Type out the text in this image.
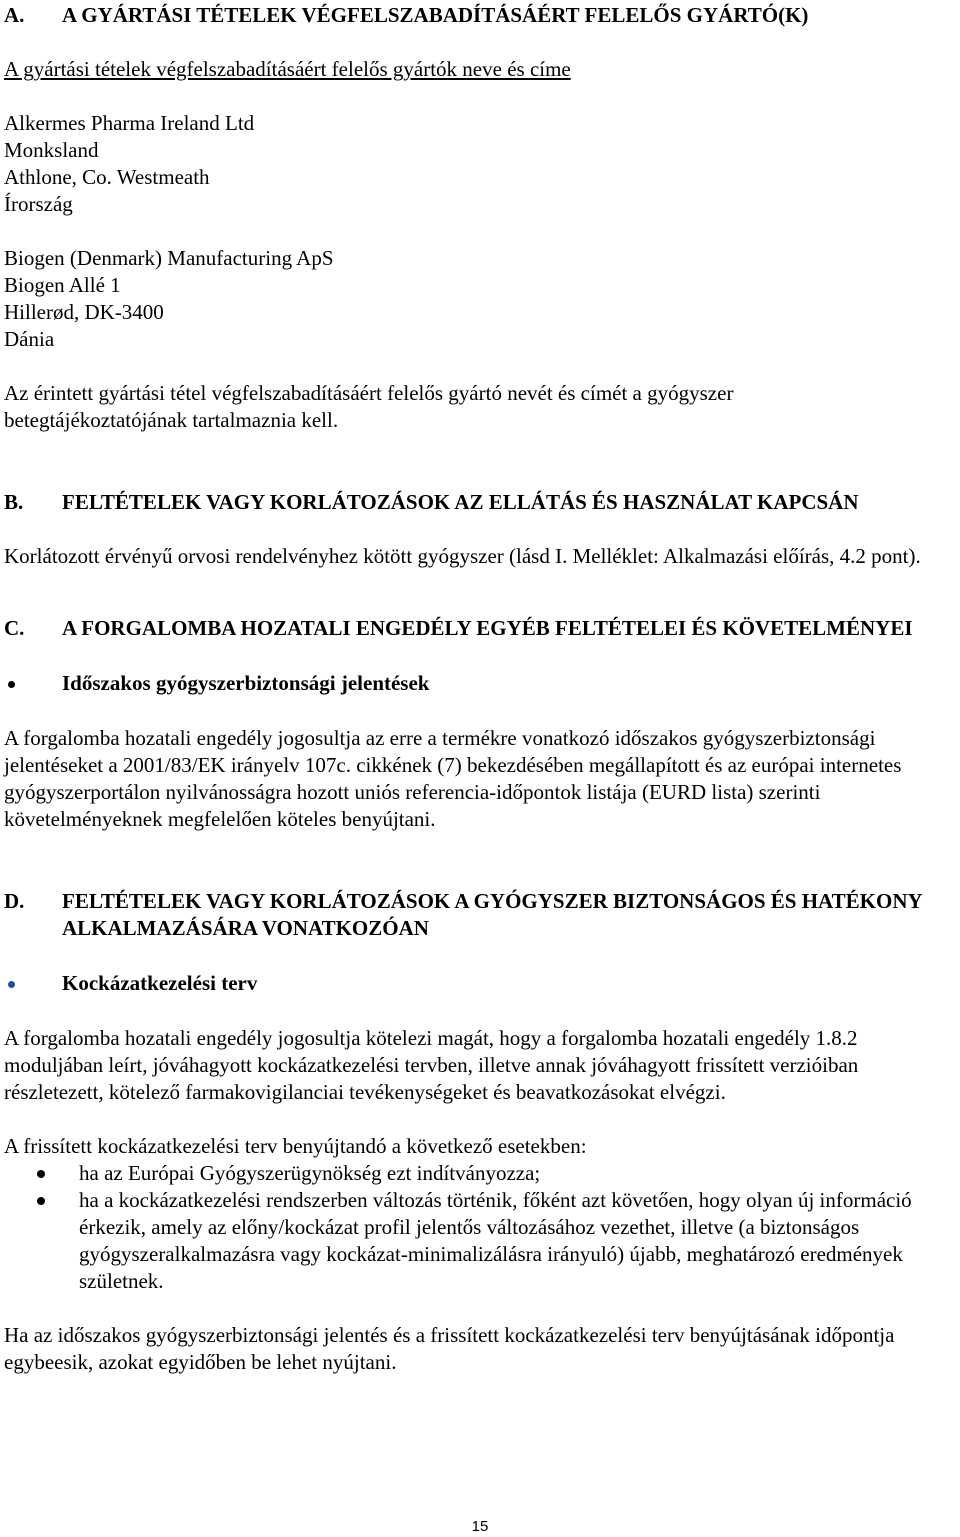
A.	A GYÁRTÁSI TÉTELEK VÉGFELSZABADÍTÁSÁÉRT FELELŐS GYÁRTÓ(K)

A gyártási tételek végfelszabadításáért felelős gyártók neve és címe

Alkermes Pharma Ireland Ltd

Monksland

Athlone, Co. Westmeath

Írország

Biogen (Denmark) Manufacturing ApS

Biogen Allé 1

Hillerød, DK-3400

Dánia

Az érintett gyártási tétel végfelszabadításáért felelős gyártó nevét és címét a gyógyszer betegtájékoztatójának tartalmaznia kell.

B.	FELTÉTELEK VAGY KORLÁTOZÁSOK AZ ELLÁTÁS ÉS HASZNÁLAT KAPCSÁN

Korlátozott érvényű orvosi rendelvényhez kötött gyógyszer (lásd I. Melléklet: Alkalmazási előírás, 4.2 pont).

C.	A FORGALOMBA HOZATALI ENGEDÉLY EGYÉB FELTÉTELEI ÉS KÖVETELMÉNYEI
Időszakos gyógyszerbiztonsági jelentések

A forgalomba hozatali engedély jogosultja az erre a termékre vonatkozó időszakos gyógyszerbiztonsági jelentéseket a 2001/83/EK irányelv 107c. cikkének (7) bekezdésében megállapított és az európai internetes gyógyszerportálon nyilvánosságra hozott uniós referencia-időpontok listája (EURD lista) szerinti követelményeknek megfelelően köteles benyújtani.

D.	FELTÉTELEK VAGY KORLÁTOZÁSOK A GYÓGYSZER BIZTONSÁGOS ÉS HATÉKONY ALKALMAZÁSÁRA VONATKOZÓAN
Kockázatkezelési terv

A forgalomba hozatali engedély jogosultja kötelezi magát, hogy a forgalomba hozatali engedély 1.8.2 moduljában leírt, jóváhagyott kockázatkezelési tervben, illetve annak jóváhagyott frissített verzióiban részletezett, kötelező farmakovigilanciai tevékenységeket és beavatkozásokat elvégzi.

A frissített kockázatkezelési terv benyújtandó a következő esetekben:

ha az Európai Gyógyszerügynökség ezt indítványozza;
ha a kockázatkezelési rendszerben változás történik, főként azt követően, hogy olyan új információ érkezik, amely az előny/kockázat profil jelentős változásához vezethet, illetve (a biztonságos gyógyszeralkalmazásra vagy kockázat-minimalizálásra irányuló) újabb, meghatározó eredmények születnek.

Ha az időszakos gyógyszerbiztonsági jelentés és a frissített kockázatkezelési terv benyújtásának időpontja egybeesik, azokat egyidőben be lehet nyújtani.

15
